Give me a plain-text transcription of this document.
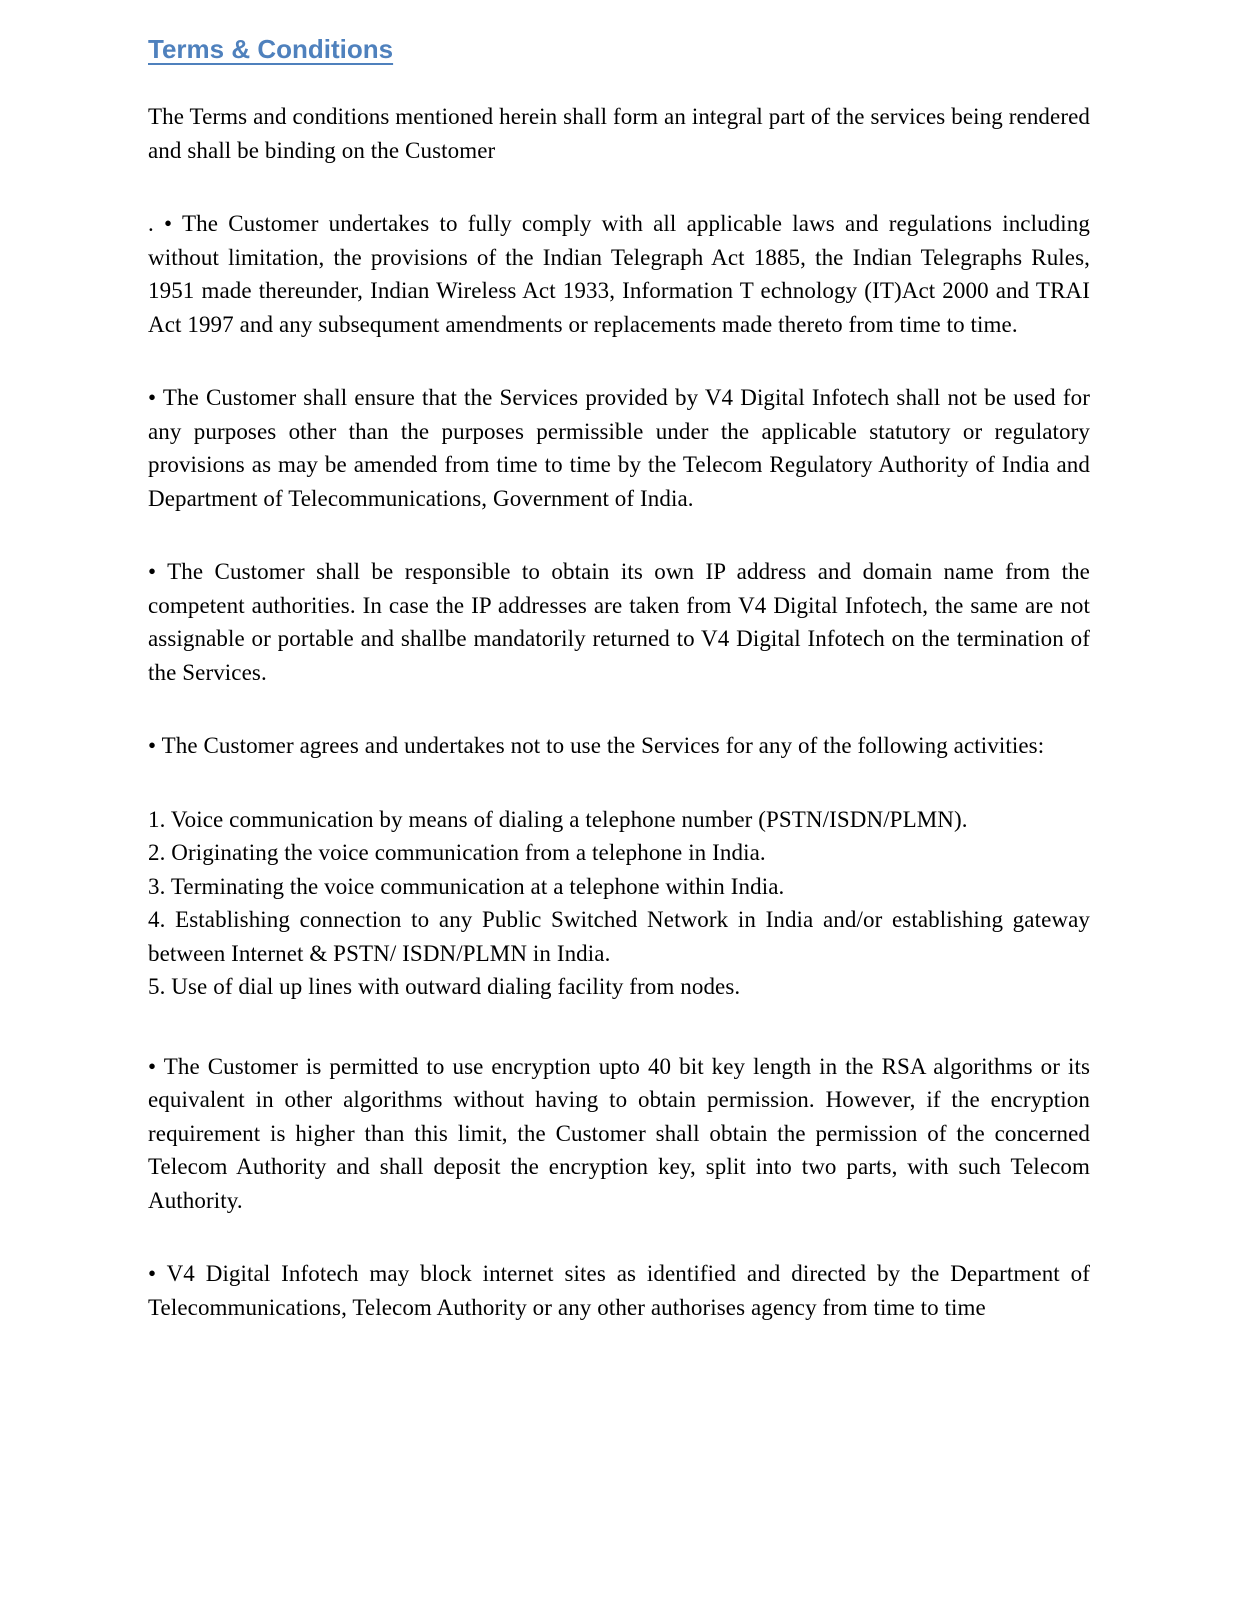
Terms & Conditions

The Terms and conditions mentioned herein shall form an integral part of the services being rendered and shall be binding on the Customer

. • The Customer undertakes to fully comply with all applicable laws and regulations including without limitation, the provisions of the Indian Telegraph Act 1885, the Indian Telegraphs Rules, 1951 made thereunder, Indian Wireless Act 1933, Information T echnology (IT)Act 2000 and TRAI Act 1997 and any subsequment amendments or replacements made thereto from time to time.

• The Customer shall ensure that the Services provided by V4 Digital Infotech shall not be used for any purposes other than the purposes permissible under the applicable statutory or regulatory provisions as may be amended from time to time by the Telecom Regulatory Authority of India and Department of Telecommunications, Government of India.

• The Customer shall be responsible to obtain its own IP address and domain name from the competent authorities. In case the IP addresses are taken from V4 Digital Infotech, the same are not assignable or portable and shallbe mandatorily returned to V4 Digital Infotech on the termination of the Services.

• The Customer agrees and undertakes not to use the Services for any of the following activities:

1. Voice communication by means of dialing a telephone number (PSTN/ISDN/PLMN).

2. Originating the voice communication from a telephone in India.

3. Terminating the voice communication at a telephone within India.

4. Establishing connection to any Public Switched Network in India and/or establishing gateway between Internet & PSTN/ ISDN/PLMN in India.

5. Use of dial up lines with outward dialing facility from nodes.

• The Customer is permitted to use encryption upto 40 bit key length in the RSA algorithms or its equivalent in other algorithms without having to obtain permission. However, if the encryption requirement is higher than this limit, the Customer shall obtain the permission of the concerned Telecom Authority and shall deposit the encryption key, split into two parts, with such Telecom Authority.

• V4 Digital Infotech may block internet sites as identified and directed by the Department of Telecommunications, Telecom Authority or any other authorises agency from time to time
